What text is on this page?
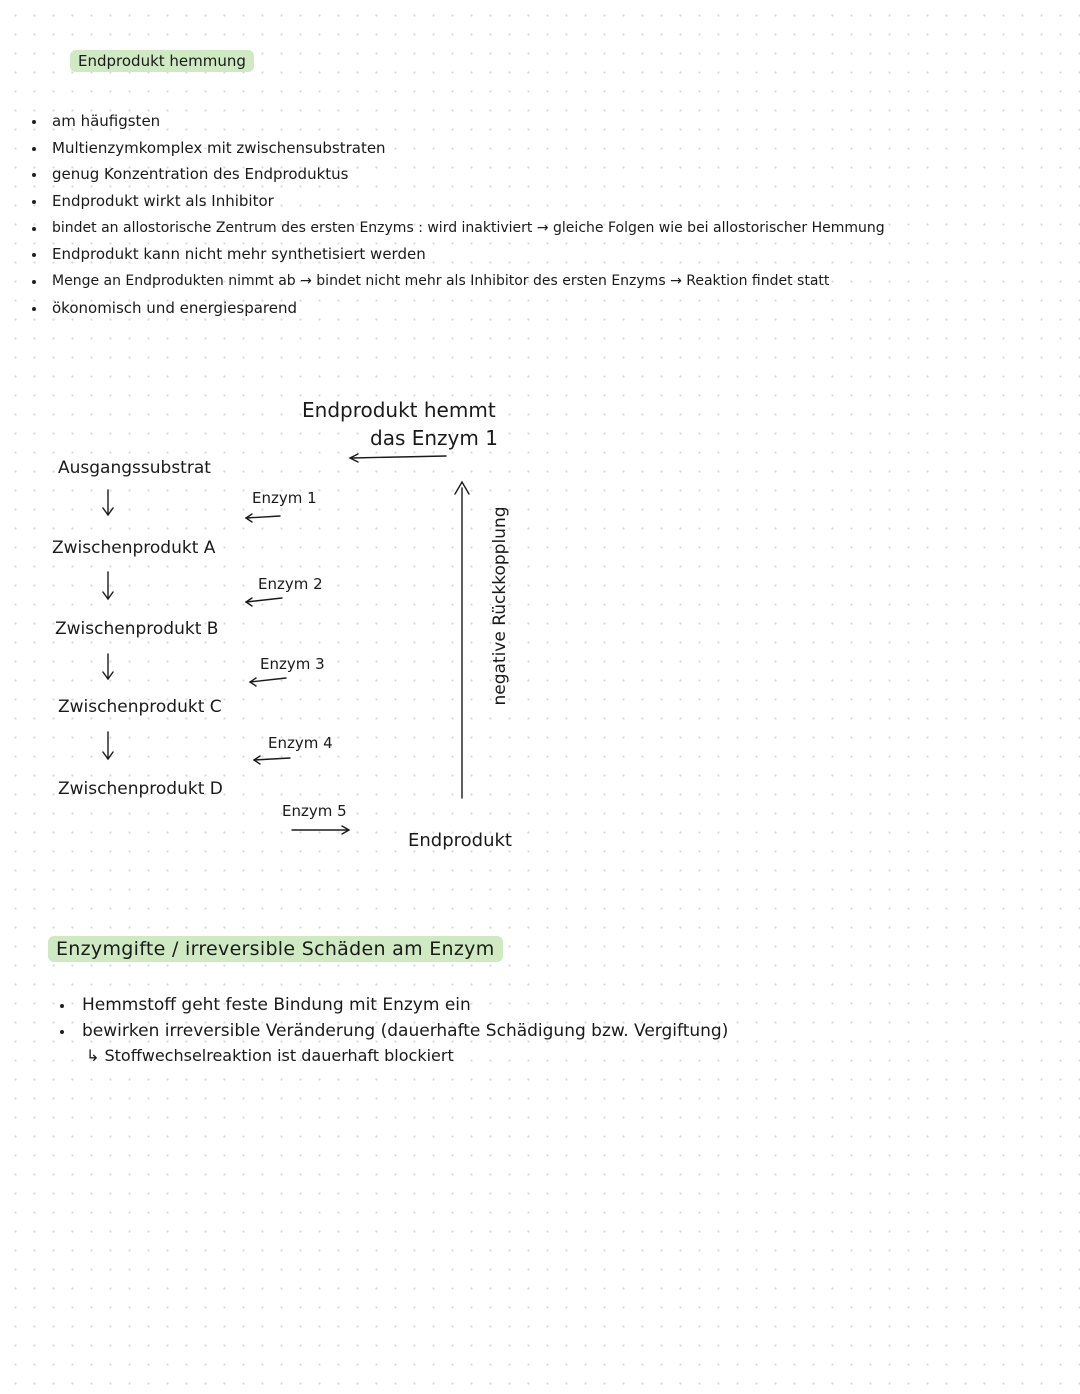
Endprodukt hemmung
am häufigsten
Multienzymkomplex mit zwischensubstraten
genug Konzentration des Endproduktus
Endprodukt wirkt als Inhibitor
bindet an allostorische Zentrum des ersten Enzyms : wird inaktiviert → gleiche Folgen wie bei allostorischer Hemmung
Endprodukt kann nicht mehr synthetisiert werden
Menge an Endprodukten nimmt ab → bindet nicht mehr als Inhibitor des ersten Enzyms → Reaktion findet statt
ökonomisch und energiesparend
Endprodukt hemmt
das Enzym 1
Ausgangssubstrat
Zwischenprodukt A
Zwischenprodukt B
Zwischenprodukt C
Zwischenprodukt D
Enzym 1
Enzym 2
Enzym 3
Enzym 4
Enzym 5
negative Rückkopplung
Endprodukt
Enzymgifte / irreversible Schäden am Enzym
Hemmstoff geht feste Bindung mit Enzym ein
bewirken irreversible Veränderung (dauerhafte Schädigung bzw. Vergiftung)
↳ Stoffwechselreaktion ist dauerhaft blockiert
